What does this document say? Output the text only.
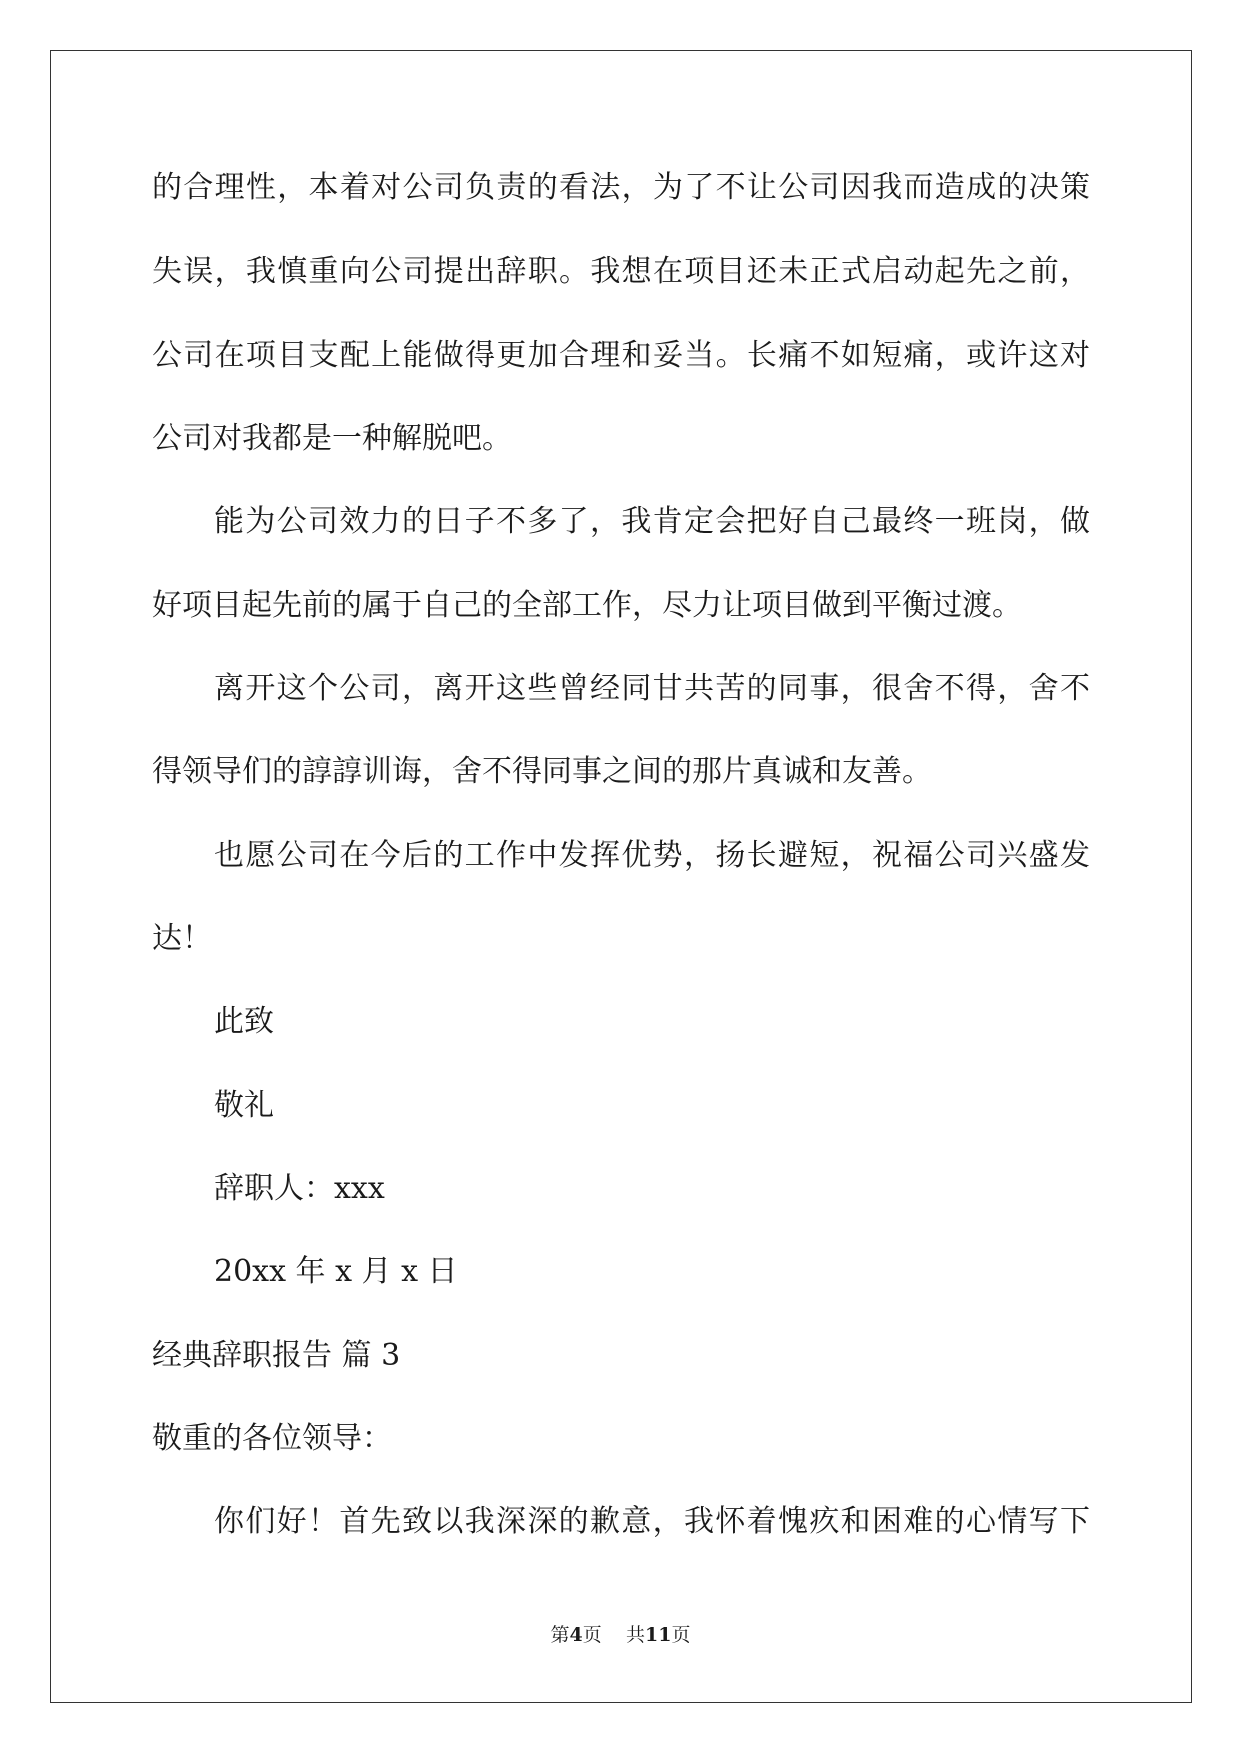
的合理性，本着对公司负责的看法，为了不让公司因我而造成的决策
失误，我慎重向公司提出辞职。我想在项目还未正式启动起先之前，
公司在项目支配上能做得更加合理和妥当。长痛不如短痛，或许这对
公司对我都是一种解脱吧。
能为公司效力的日子不多了，我肯定会把好自己最终一班岗，做
好项目起先前的属于自己的全部工作，尽力让项目做到平衡过渡。
离开这个公司，离开这些曾经同甘共苦的同事，很舍不得，舍不
得领导们的諄諄训诲，舍不得同事之间的那片真诚和友善。
也愿公司在今后的工作中发挥优势，扬长避短，祝福公司兴盛发
达！
此致
敬礼
辞职人：xxx
20xx 年 x 月 x 日
经典辞职报告 篇 3
敬重的各位领导：
你们好！首先致以我深深的歉意，我怀着愧疚和困难的心情写下
第4页 共11页
